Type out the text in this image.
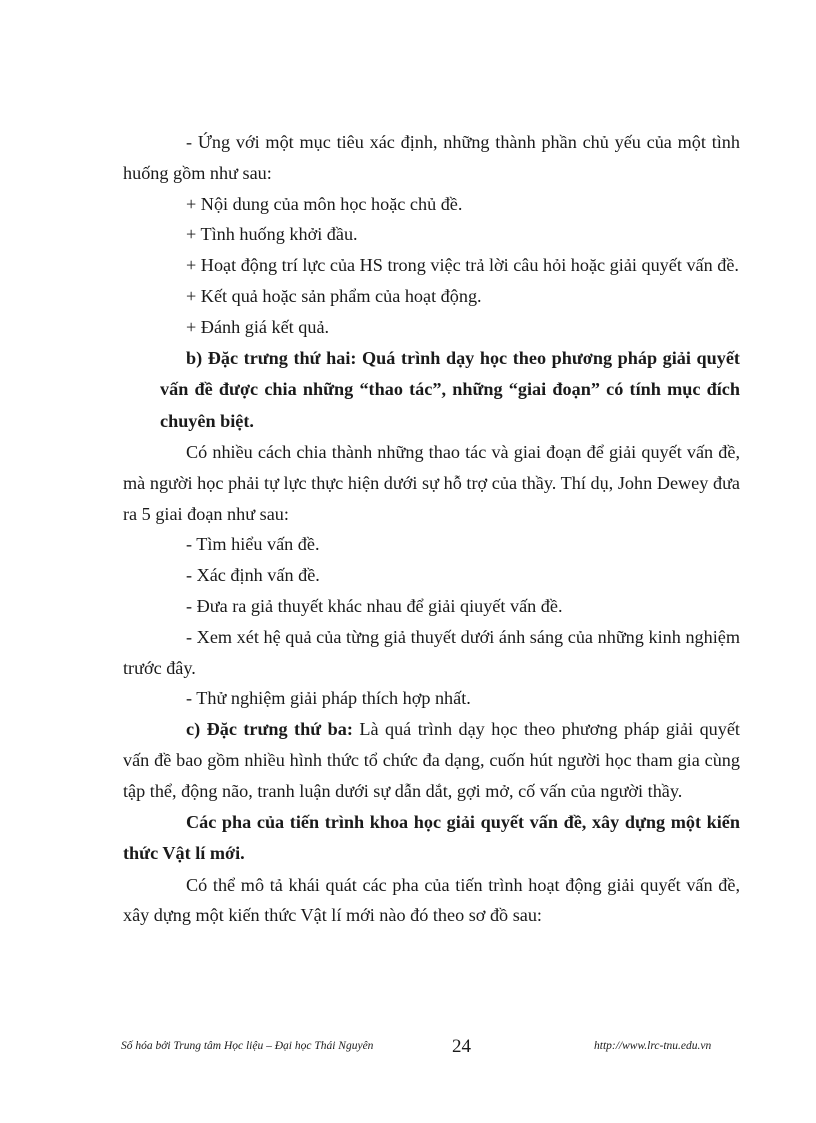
- Ứng với một mục tiêu xác định, những thành phần chủ yếu của một tình huống gồm như sau:

+ Nội dung của môn học hoặc chủ đề.

+ Tình huống khởi đầu.

+ Hoạt động trí lực của HS trong việc trả lời câu hỏi hoặc giải quyết vấn đề.

+ Kết quả hoặc sản phẩm của hoạt động.

+ Đánh giá kết quả.

b) Đặc trưng thứ hai: Quá trình dạy học theo phương pháp giải quyết vấn đề được chia những “thao tác”, những “giai đoạn” có tính mục đích chuyên biệt.

Có nhiều cách chia thành những thao tác và giai đoạn để giải quyết vấn đề, mà người học phải tự lực thực hiện dưới sự hỗ trợ của thầy. Thí dụ, John Dewey đưa ra 5 giai đoạn như sau:

- Tìm hiểu vấn đề.

- Xác định vấn đề.

- Đưa ra giả thuyết khác nhau để giải qiuyết vấn đề.

- Xem xét hệ quả của từng giả thuyết dưới ánh sáng của những kinh nghiệm trước đây.

- Thử nghiệm giải pháp thích hợp nhất.

c) Đặc trưng thứ ba: Là quá trình dạy học theo phương pháp giải quyết vấn đề bao gồm nhiều hình thức tổ chức đa dạng, cuốn hút người học tham gia cùng tập thể, động não, tranh luận dưới sự dẫn dắt, gợi mở, cố vấn của người thầy.

Các pha của tiến trình khoa học giải quyết vấn đề, xây dựng một kiến thức Vật lí mới.

Có thể mô tả khái quát các pha của tiến trình hoạt động giải quyết vấn đề, xây dựng một kiến thức Vật lí mới nào đó theo sơ đồ sau:

Số hóa bởi Trung tâm Học liệu – Đại học Thái Nguyên	24	http://www.lrc-tnu.edu.vn
